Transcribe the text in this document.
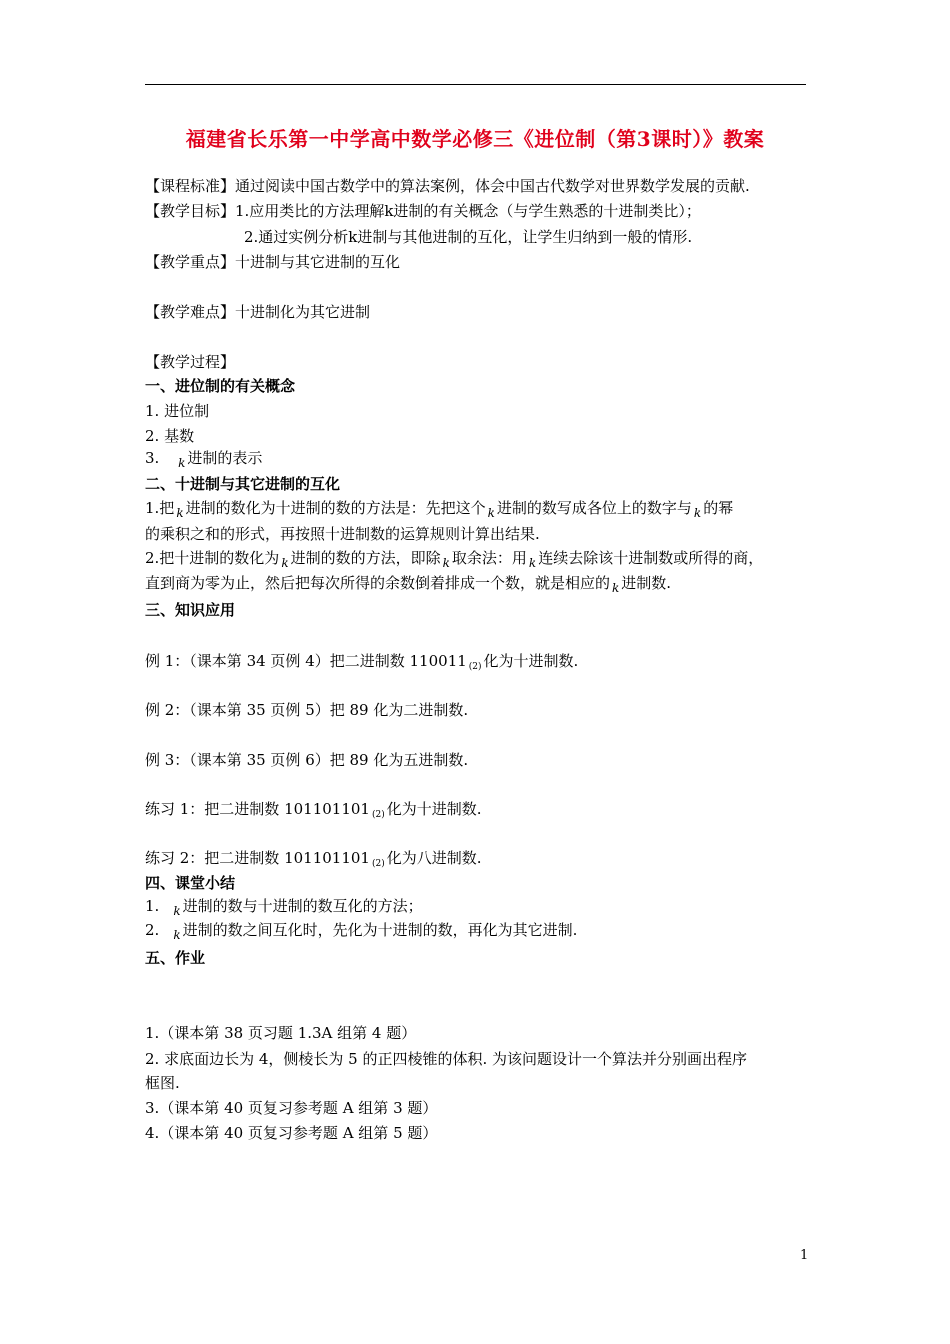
福建省长乐第一中学高中数学必修三《进位制（第3课时）》教案
【课程标准】通过阅读中国古数学中的算法案例，体会中国古代数学对世界数学发展的贡献.
【教学目标】1.应用类比的方法理解k进制的有关概念（与学生熟悉的十进制类比）；
2.通过实例分析k进制与其他进制的互化，让学生归纳到一般的情形.
【教学重点】十进制与其它进制的互化
【教学难点】十进制化为其它进制
【教学过程】
一、进位制的有关概念
1. 进位制
2. 基数
3. $_k$ 进制的表示
二、十进制与其它进制的互化
1.把 $_k$ 进制的数化为十进制的数的方法是：先把这个 $_k$ 进制的数写成各位上的数字与 $_k$ 的幂
的乘积之和的形式，再按照十进制数的运算规则计算出结果.
2.把十进制的数化为 $_k$ 进制的数的方法，即除 $_k$ 取余法：用 $_k$ 连续去除该十进制数或所得的商，
直到商为零为止，然后把每次所得的余数倒着排成一个数，就是相应的 $_k$ 进制数.
三、知识应用
例 1：（课本第 34 页例 4）把二进制数 110011 $_{(2)}$ 化为十进制数.
例 2：（课本第 35 页例 5）把 89 化为二进制数.
例 3：（课本第 35 页例 6）把 89 化为五进制数.
练习 1：把二进制数 101101101 $_{(2)}$ 化为十进制数.
练习 2：把二进制数 101101101 $_{(2)}$ 化为八进制数.
四、课堂小结
1. $_k$ 进制的数与十进制的数互化的方法；
2. $_k$ 进制的数之间互化时，先化为十进制的数，再化为其它进制.
五、作业
1.（课本第 38 页习题 1.3A 组第 4 题）
2. 求底面边长为 4，侧棱长为 5 的正四棱锥的体积. 为该问题设计一个算法并分别画出程序
框图.
3.（课本第 40 页复习参考题 A 组第 3 题）
4.（课本第 40 页复习参考题 A 组第 5 题）
1
